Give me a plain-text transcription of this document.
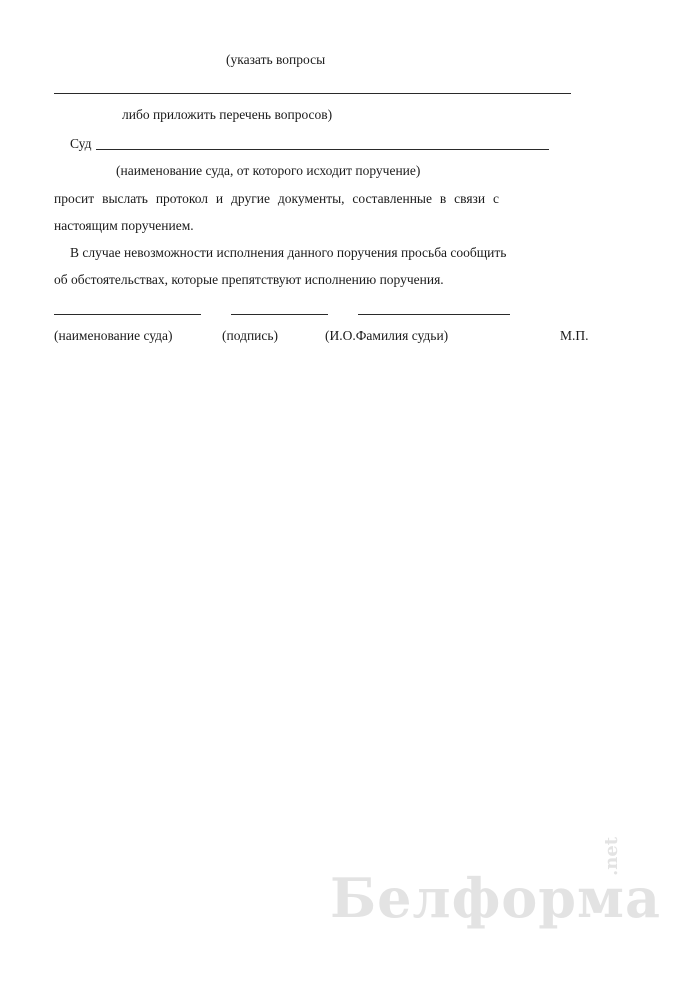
(указать вопросы
либо приложить перечень вопросов)
Суд
(наименование суда, от которого исходит поручение)
просит выслать протокол и другие документы, составленные в связи с
настоящим поручением.
В случае невозможности исполнения данного поручения просьба сообщить
об обстоятельствах, которые препятствуют исполнению поручения.
(наименование суда)	(подпись)	(И.О.Фамилия судьи)	М.П.
Белформа
.net
